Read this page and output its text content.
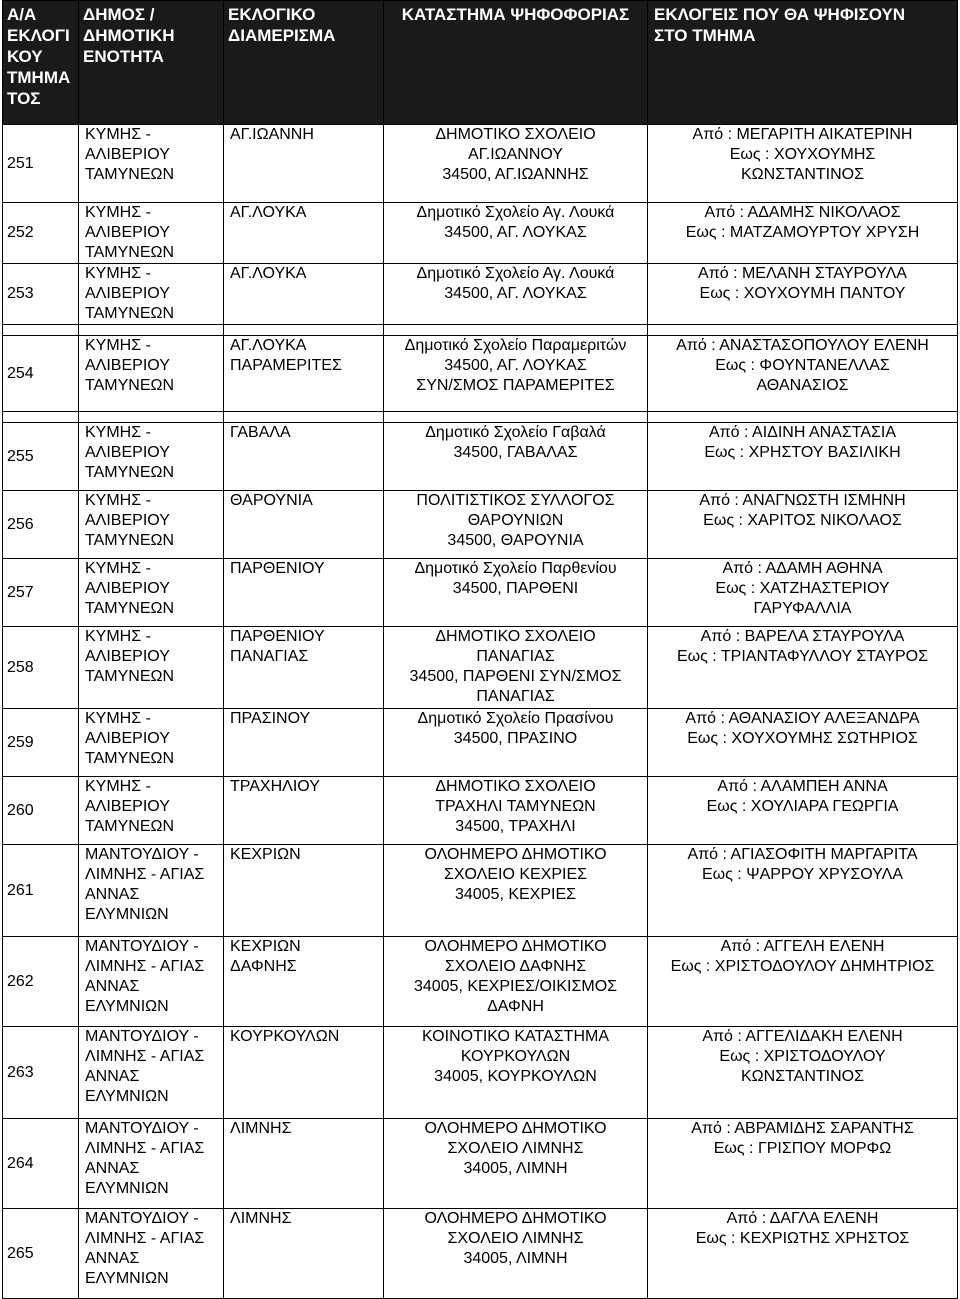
Α/Α
ΕΚΛΟΓΙ
ΚΟΥ
ΤΜΗΜΑ
ΤΟΣ	ΔΗΜΟΣ /
ΔΗΜΟΤΙΚΗ
ΕΝΟΤΗΤΑ	ΕΚΛΟΓΙΚΟ
ΔΙΑΜΕΡΙΣΜΑ	ΚΑΤΑΣΤΗΜΑ ΨΗΦΟΦΟΡΙΑΣ	ΕΚΛΟΓΕΙΣ ΠΟΥ ΘΑ ΨΗΦΙΣΟΥΝ
ΣΤΟ ΤΜΗΜΑ

251	ΚΥΜΗΣ -
ΑΛΙΒΕΡΙΟΥ
ΤΑΜΥΝΕΩΝ	ΑΓ.ΙΩΑΝΝΗ	ΔΗΜΟΤΙΚΟ ΣΧΟΛΕΙΟ
ΑΓ.ΙΩΑΝΝΟΥ
34500, ΑΓ.ΙΩΑΝΝΗΣ	Από : ΜΕΓΑΡΙΤΗ ΑΙΚΑΤΕΡΙΝΗ
Εως : ΧΟΥΧΟΥΜΗΣ
ΚΩΝΣΤΑΝΤΙΝΟΣ

252	ΚΥΜΗΣ -
ΑΛΙΒΕΡΙΟΥ
ΤΑΜΥΝΕΩΝ	ΑΓ.ΛΟΥΚΑ	Δημοτικό Σχολείο Αγ. Λουκά
34500, ΑΓ. ΛΟΥΚΑΣ	Από : ΑΔΑΜΗΣ ΝΙΚΟΛΑΟΣ
Εως : ΜΑΤΖΑΜΟΥΡΤΟΥ ΧΡΥΣΗ

253	ΚΥΜΗΣ -
ΑΛΙΒΕΡΙΟΥ
ΤΑΜΥΝΕΩΝ	ΑΓ.ΛΟΥΚΑ	Δημοτικό Σχολείο Αγ. Λουκά
34500, ΑΓ. ΛΟΥΚΑΣ	Από : ΜΕΛΑΝΗ ΣΤΑΥΡΟΥΛΑ
Εως : ΧΟΥΧΟΥΜΗ ΠΑΝΤΟΥ

254	ΚΥΜΗΣ -
ΑΛΙΒΕΡΙΟΥ
ΤΑΜΥΝΕΩΝ	ΑΓ.ΛΟΥΚΑ
ΠΑΡΑΜΕΡΙΤΕΣ	Δημοτικό Σχολείο Παραμεριτών
34500, ΑΓ. ΛΟΥΚΑΣ
ΣΥΝ/ΣΜΟΣ ΠΑΡΑΜΕΡΙΤΕΣ	Από : ΑΝΑΣΤΑΣΟΠΟΥΛΟΥ ΕΛΕΝΗ
Εως : ΦΟΥΝΤΑΝΕΛΛΑΣ
ΑΘΑΝΑΣΙΟΣ

255	ΚΥΜΗΣ -
ΑΛΙΒΕΡΙΟΥ
ΤΑΜΥΝΕΩΝ	ΓΑΒΑΛΑ	Δημοτικό Σχολείο Γαβαλά
34500, ΓΑΒΑΛΑΣ	Από : ΑΙΔΙΝΗ ΑΝΑΣΤΑΣΙΑ
Εως : ΧΡΗΣΤΟΥ ΒΑΣΙΛΙΚΗ

256	ΚΥΜΗΣ -
ΑΛΙΒΕΡΙΟΥ
ΤΑΜΥΝΕΩΝ	ΘΑΡΟΥΝΙΑ	ΠΟΛΙΤΙΣΤΙΚΟΣ ΣΥΛΛΟΓΟΣ
ΘΑΡΟΥΝΙΩΝ
34500, ΘΑΡΟΥΝΙΑ	Από : ΑΝΑΓΝΩΣΤΗ ΙΣΜΗΝΗ
Εως : ΧΑΡΙΤΟΣ ΝΙΚΟΛΑΟΣ

257	ΚΥΜΗΣ -
ΑΛΙΒΕΡΙΟΥ
ΤΑΜΥΝΕΩΝ	ΠΑΡΘΕΝΙΟΥ	Δημοτικό Σχολείο Παρθενίου
34500, ΠΑΡΘΕΝΙ	Από : ΑΔΑΜΗ ΑΘΗΝΑ
Εως : ΧΑΤΖΗΑΣΤΕΡΙΟΥ
ΓΑΡΥΦΑΛΛΙΑ

258	ΚΥΜΗΣ -
ΑΛΙΒΕΡΙΟΥ
ΤΑΜΥΝΕΩΝ	ΠΑΡΘΕΝΙΟΥ
ΠΑΝΑΓΙΑΣ	ΔΗΜΟΤΙΚΟ ΣΧΟΛΕΙΟ
ΠΑΝΑΓΙΑΣ
34500, ΠΑΡΘΕΝΙ ΣΥΝ/ΣΜΟΣ
ΠΑΝΑΓΙΑΣ	Από : ΒΑΡΕΛΑ ΣΤΑΥΡΟΥΛΑ
Εως : ΤΡΙΑΝΤΑΦΥΛΛΟΥ ΣΤΑΥΡΟΣ

259	ΚΥΜΗΣ -
ΑΛΙΒΕΡΙΟΥ
ΤΑΜΥΝΕΩΝ	ΠΡΑΣΙΝΟΥ	Δημοτικό Σχολείο Πρασίνου
34500, ΠΡΑΣΙΝΟ	Από : ΑΘΑΝΑΣΙΟΥ ΑΛΕΞΑΝΔΡΑ
Εως : ΧΟΥΧΟΥΜΗΣ ΣΩΤΗΡΙΟΣ

260	ΚΥΜΗΣ -
ΑΛΙΒΕΡΙΟΥ
ΤΑΜΥΝΕΩΝ	ΤΡΑΧΗΛΙΟΥ	ΔΗΜΟΤΙΚΟ ΣΧΟΛΕΙΟ
ΤΡΑΧΗΛΙ ΤΑΜΥΝΕΩΝ
34500, ΤΡΑΧΗΛΙ	Από : ΑΛΑΜΠΕΗ ΑΝΝΑ
Εως : ΧΟΥΛΙΑΡΑ ΓΕΩΡΓΙΑ

261	ΜΑΝΤΟΥΔΙΟΥ -
ΛΙΜΝΗΣ - ΑΓΙΑΣ
ΑΝΝΑΣ
ΕΛΥΜΝΙΩΝ	ΚΕΧΡΙΩΝ	ΟΛΟΗΜΕΡΟ ΔΗΜΟΤΙΚΟ
ΣΧΟΛΕΙΟ ΚΕΧΡΙΕΣ
34005, ΚΕΧΡΙΕΣ	Από : ΑΓΙΑΣΟΦΙΤΗ ΜΑΡΓΑΡΙΤΑ
Εως : ΨΑΡΡΟΥ ΧΡΥΣΟΥΛΑ

262	ΜΑΝΤΟΥΔΙΟΥ -
ΛΙΜΝΗΣ - ΑΓΙΑΣ
ΑΝΝΑΣ
ΕΛΥΜΝΙΩΝ	ΚΕΧΡΙΩΝ
ΔΑΦΝΗΣ	ΟΛΟΗΜΕΡΟ ΔΗΜΟΤΙΚΟ
ΣΧΟΛΕΙΟ ΔΑΦΝΗΣ
34005, ΚΕΧΡΙΕΣ/ΟΙΚΙΣΜΟΣ
ΔΑΦΝΗ	Από : ΑΓΓΕΛΗ ΕΛΕΝΗ
Εως : ΧΡΙΣΤΟΔΟΥΛΟΥ ΔΗΜΗΤΡΙΟΣ

263	ΜΑΝΤΟΥΔΙΟΥ -
ΛΙΜΝΗΣ - ΑΓΙΑΣ
ΑΝΝΑΣ
ΕΛΥΜΝΙΩΝ	ΚΟΥΡΚΟΥΛΩΝ	ΚΟΙΝΟΤΙΚΟ ΚΑΤΑΣΤΗΜΑ
ΚΟΥΡΚΟΥΛΩΝ
34005, ΚΟΥΡΚΟΥΛΩΝ	Από : ΑΓΓΕΛΙΔΑΚΗ ΕΛΕΝΗ
Εως : ΧΡΙΣΤΟΔΟΥΛΟΥ
ΚΩΝΣΤΑΝΤΙΝΟΣ

264	ΜΑΝΤΟΥΔΙΟΥ -
ΛΙΜΝΗΣ - ΑΓΙΑΣ
ΑΝΝΑΣ
ΕΛΥΜΝΙΩΝ	ΛΙΜΝΗΣ	ΟΛΟΗΜΕΡΟ ΔΗΜΟΤΙΚΟ
ΣΧΟΛΕΙΟ ΛΙΜΝΗΣ
34005, ΛΙΜΝΗ	Από : ΑΒΡΑΜΙΔΗΣ ΣΑΡΑΝΤΗΣ
Εως : ΓΡΙΣΠΟΥ ΜΟΡΦΩ

265	ΜΑΝΤΟΥΔΙΟΥ -
ΛΙΜΝΗΣ - ΑΓΙΑΣ
ΑΝΝΑΣ
ΕΛΥΜΝΙΩΝ	ΛΙΜΝΗΣ	ΟΛΟΗΜΕΡΟ ΔΗΜΟΤΙΚΟ
ΣΧΟΛΕΙΟ ΛΙΜΝΗΣ
34005, ΛΙΜΝΗ	Από : ΔΑΓΛΑ ΕΛΕΝΗ
Εως : ΚΕΧΡΙΩΤΗΣ ΧΡΗΣΤΟΣ
